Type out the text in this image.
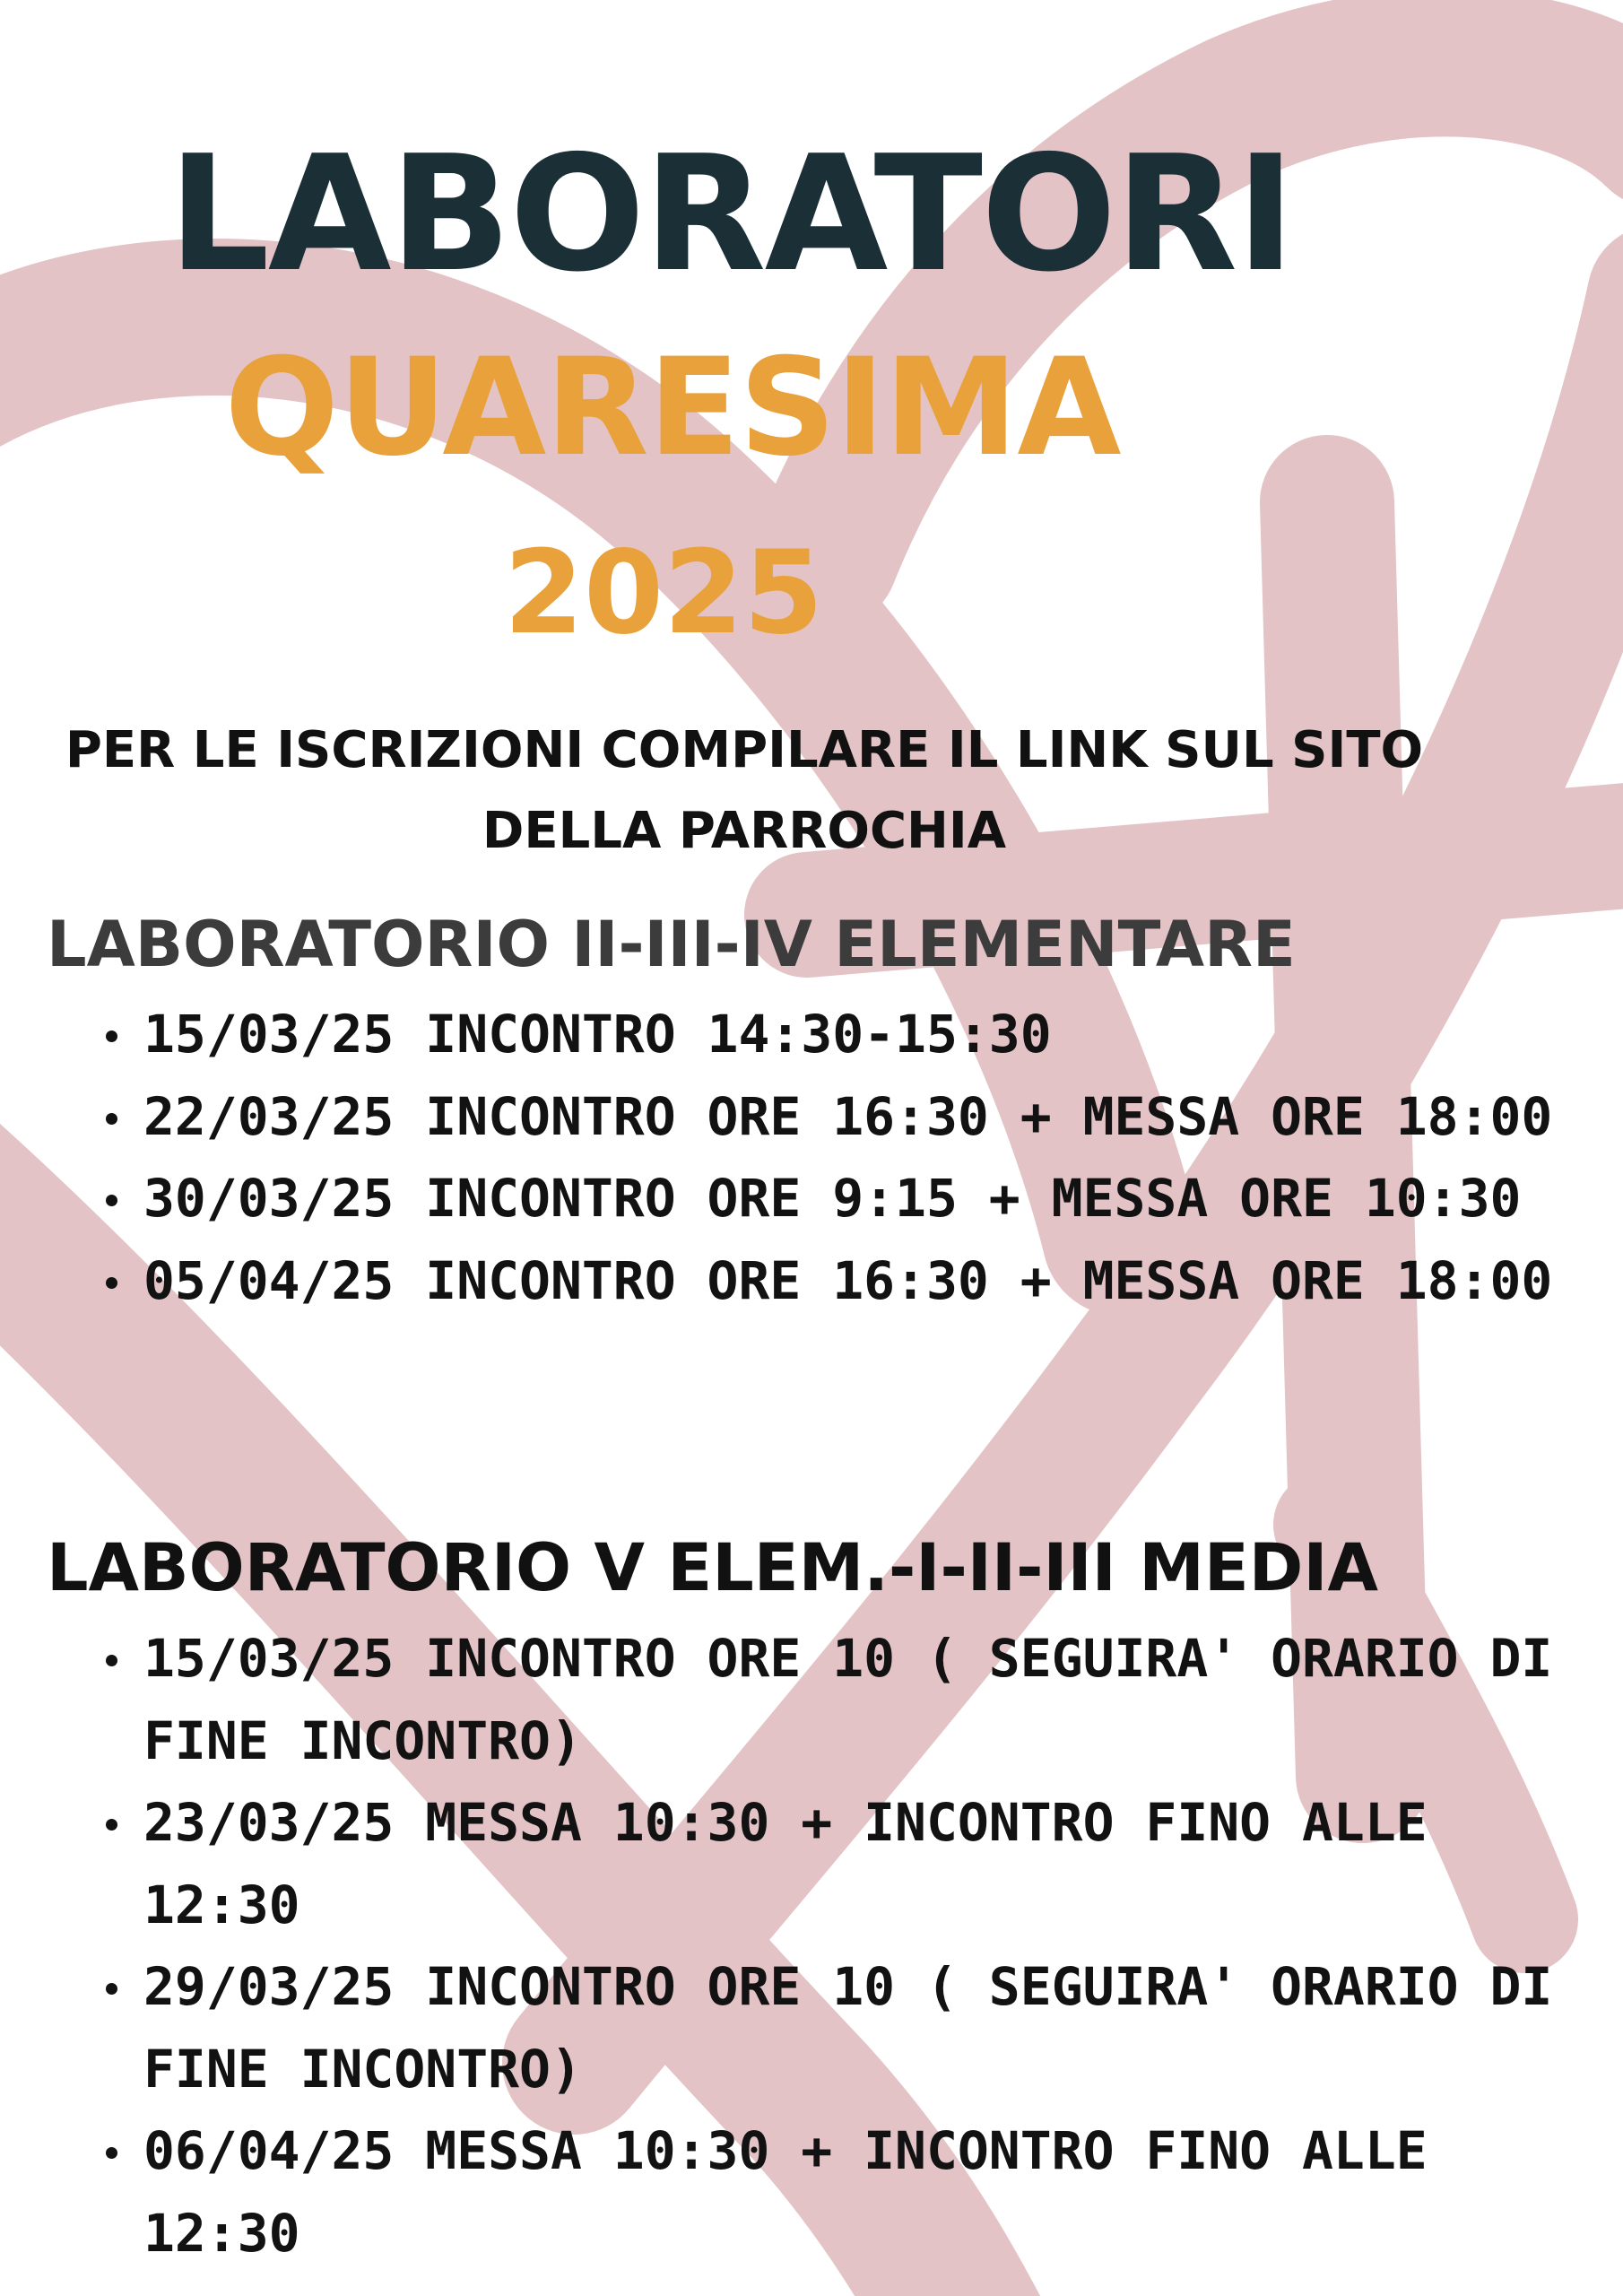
LABORATORI
QUARESIMA
2025
PER LE ISCRIZIONI COMPILARE IL LINK SUL SITO
DELLA PARROCHIA
LABORATORIO II-III-IV ELEMENTARE
15/03/25 INCONTRO 14:30-15:30
22/03/25 INCONTRO ORE 16:30 + MESSA ORE 18:00
30/03/25 INCONTRO ORE 9:15 + MESSA ORE 10:30
05/04/25 INCONTRO ORE 16:30 + MESSA ORE 18:00
LABORATORIO V ELEM.-I-II-III MEDIA
15/03/25 INCONTRO ORE 10 ( SEGUIRA' ORARIO DI FINE INCONTRO)
23/03/25 MESSA 10:30 + INCONTRO FINO ALLE 12:30
29/03/25 INCONTRO ORE 10 ( SEGUIRA' ORARIO DI FINE INCONTRO)
06/04/25 MESSA 10:30 + INCONTRO FINO ALLE 12:30
